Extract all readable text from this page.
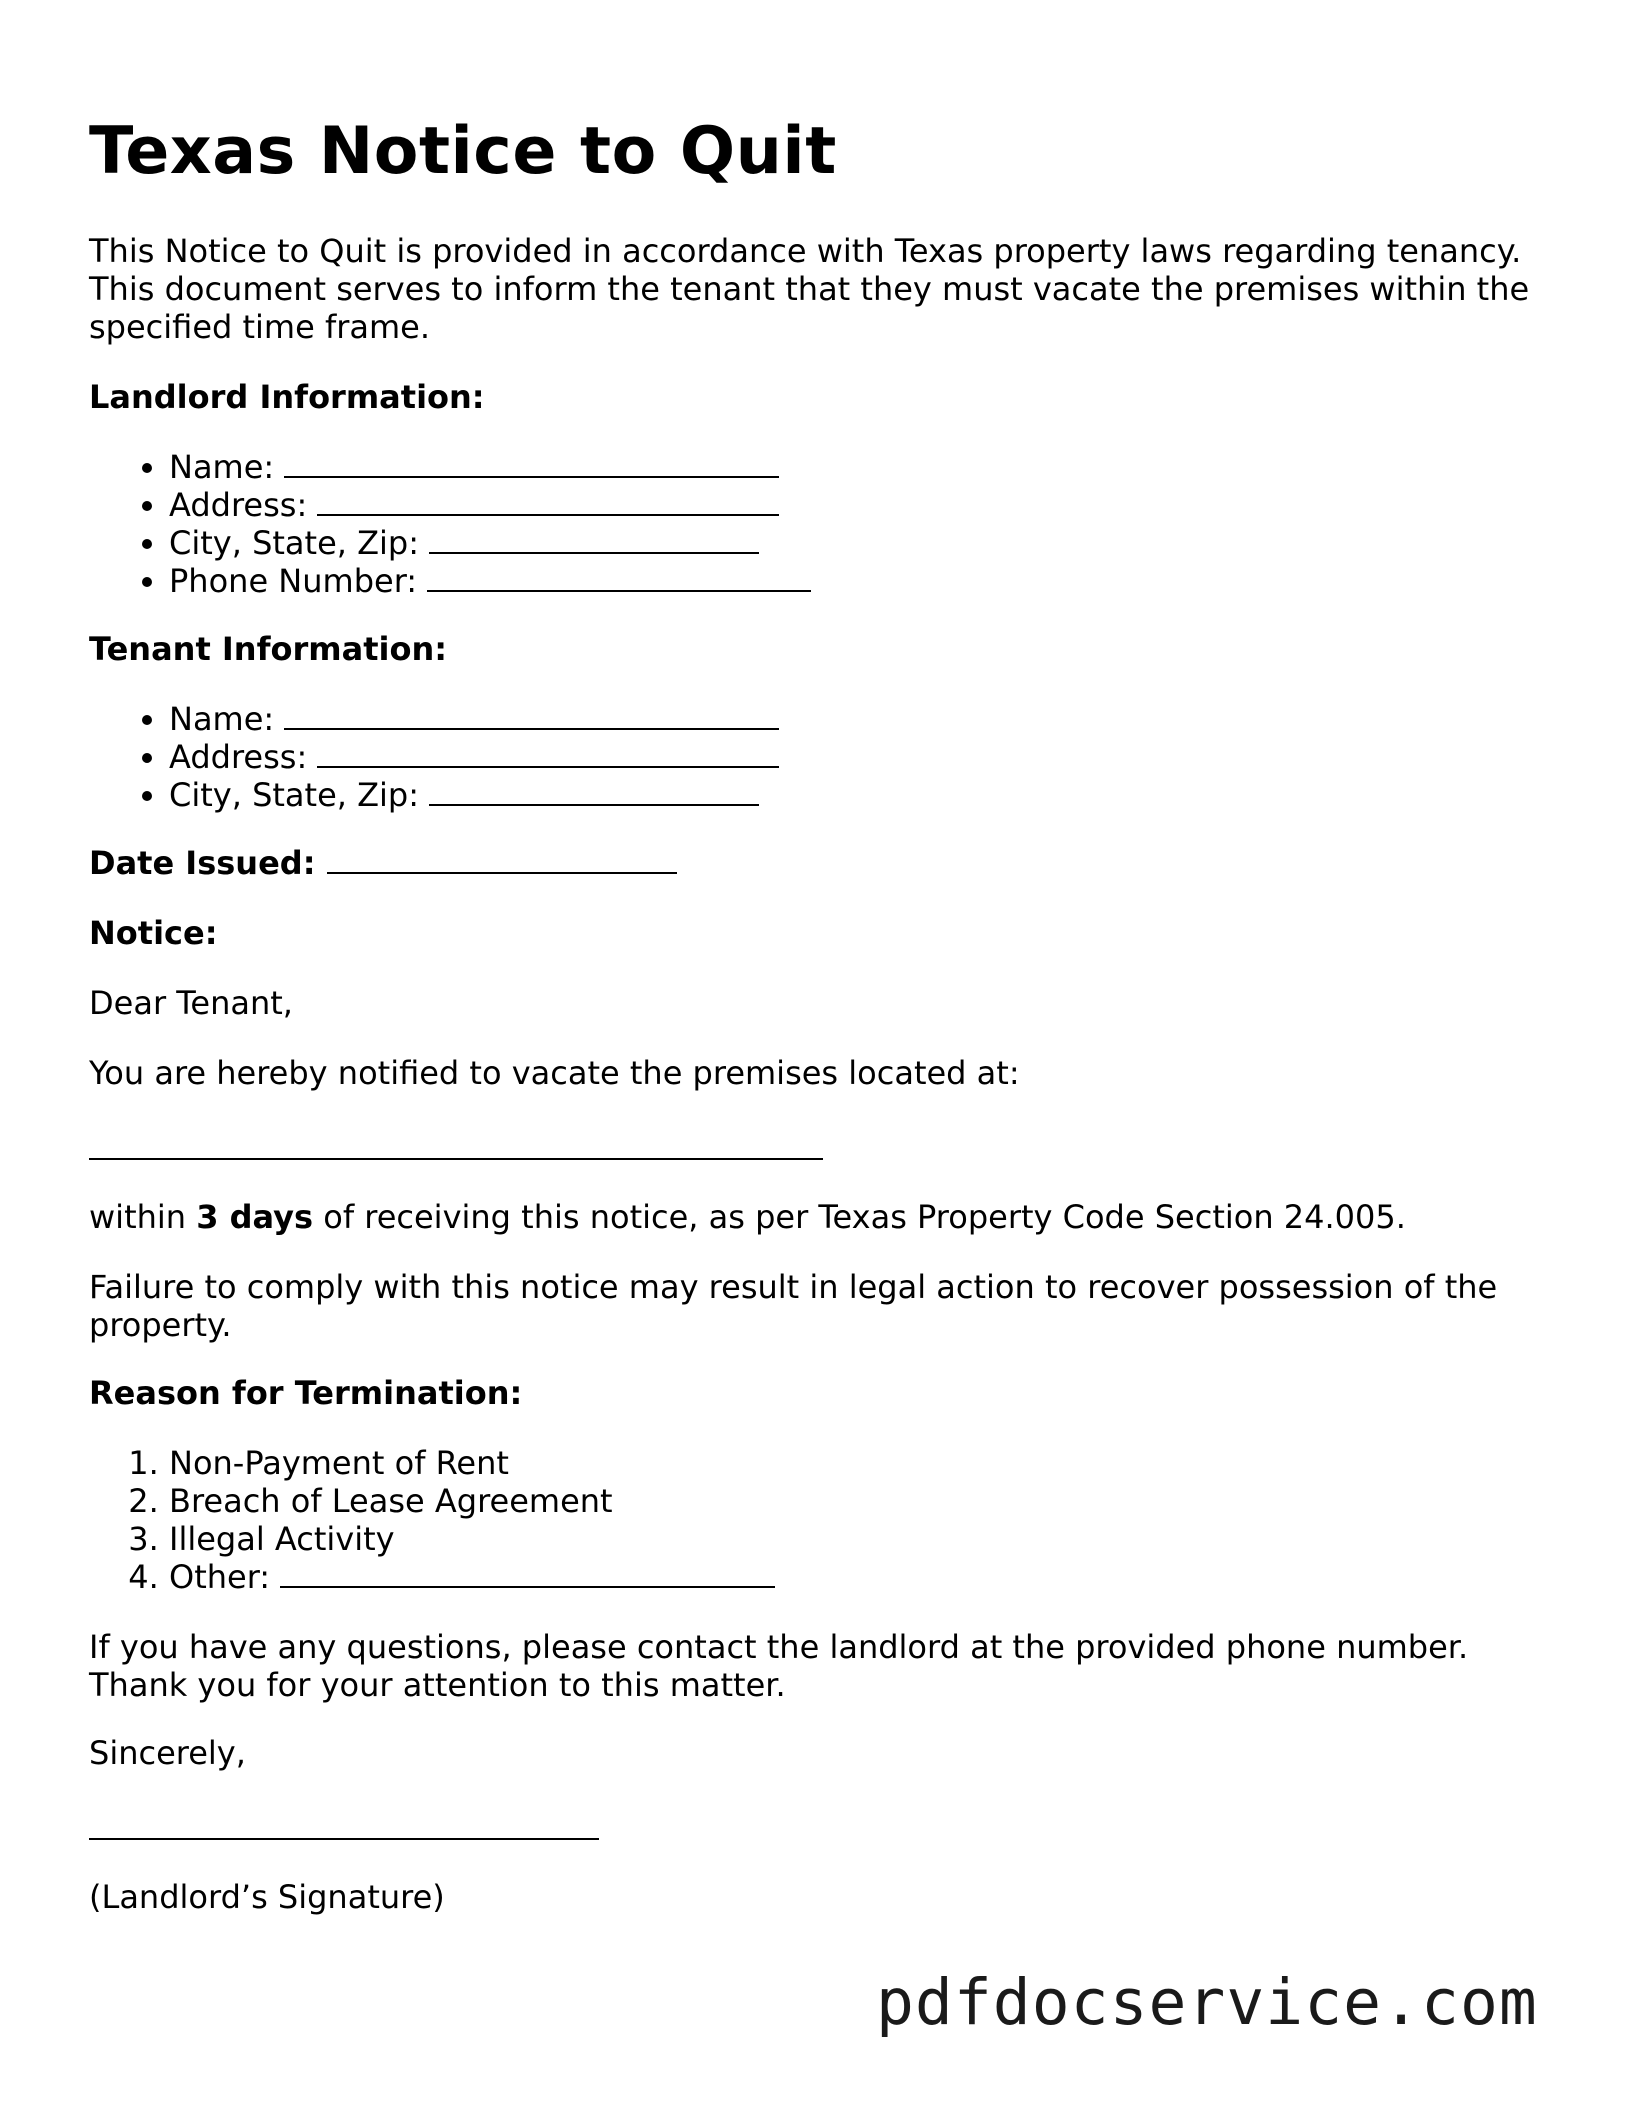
Texas Notice to Quit

This Notice to Quit is provided in accordance with Texas property laws regarding tenancy. This document serves to inform the tenant that they must vacate the premises within the specified time frame.

Landlord Information:

• Name:
• Address:
• City, State, Zip:
• Phone Number:

Tenant Information:

• Name:
• Address:
• City, State, Zip:

Date Issued:

Notice:

Dear Tenant,

You are hereby notified to vacate the premises located at:

within 3 days of receiving this notice, as per Texas Property Code Section 24.005.

Failure to comply with this notice may result in legal action to recover possession of the property.

Reason for Termination:

1. Non-Payment of Rent
2. Breach of Lease Agreement
3. Illegal Activity
4. Other:

If you have any questions, please contact the landlord at the provided phone number. Thank you for your attention to this matter.

Sincerely,

(Landlord’s Signature)

pdfdocservice.com
